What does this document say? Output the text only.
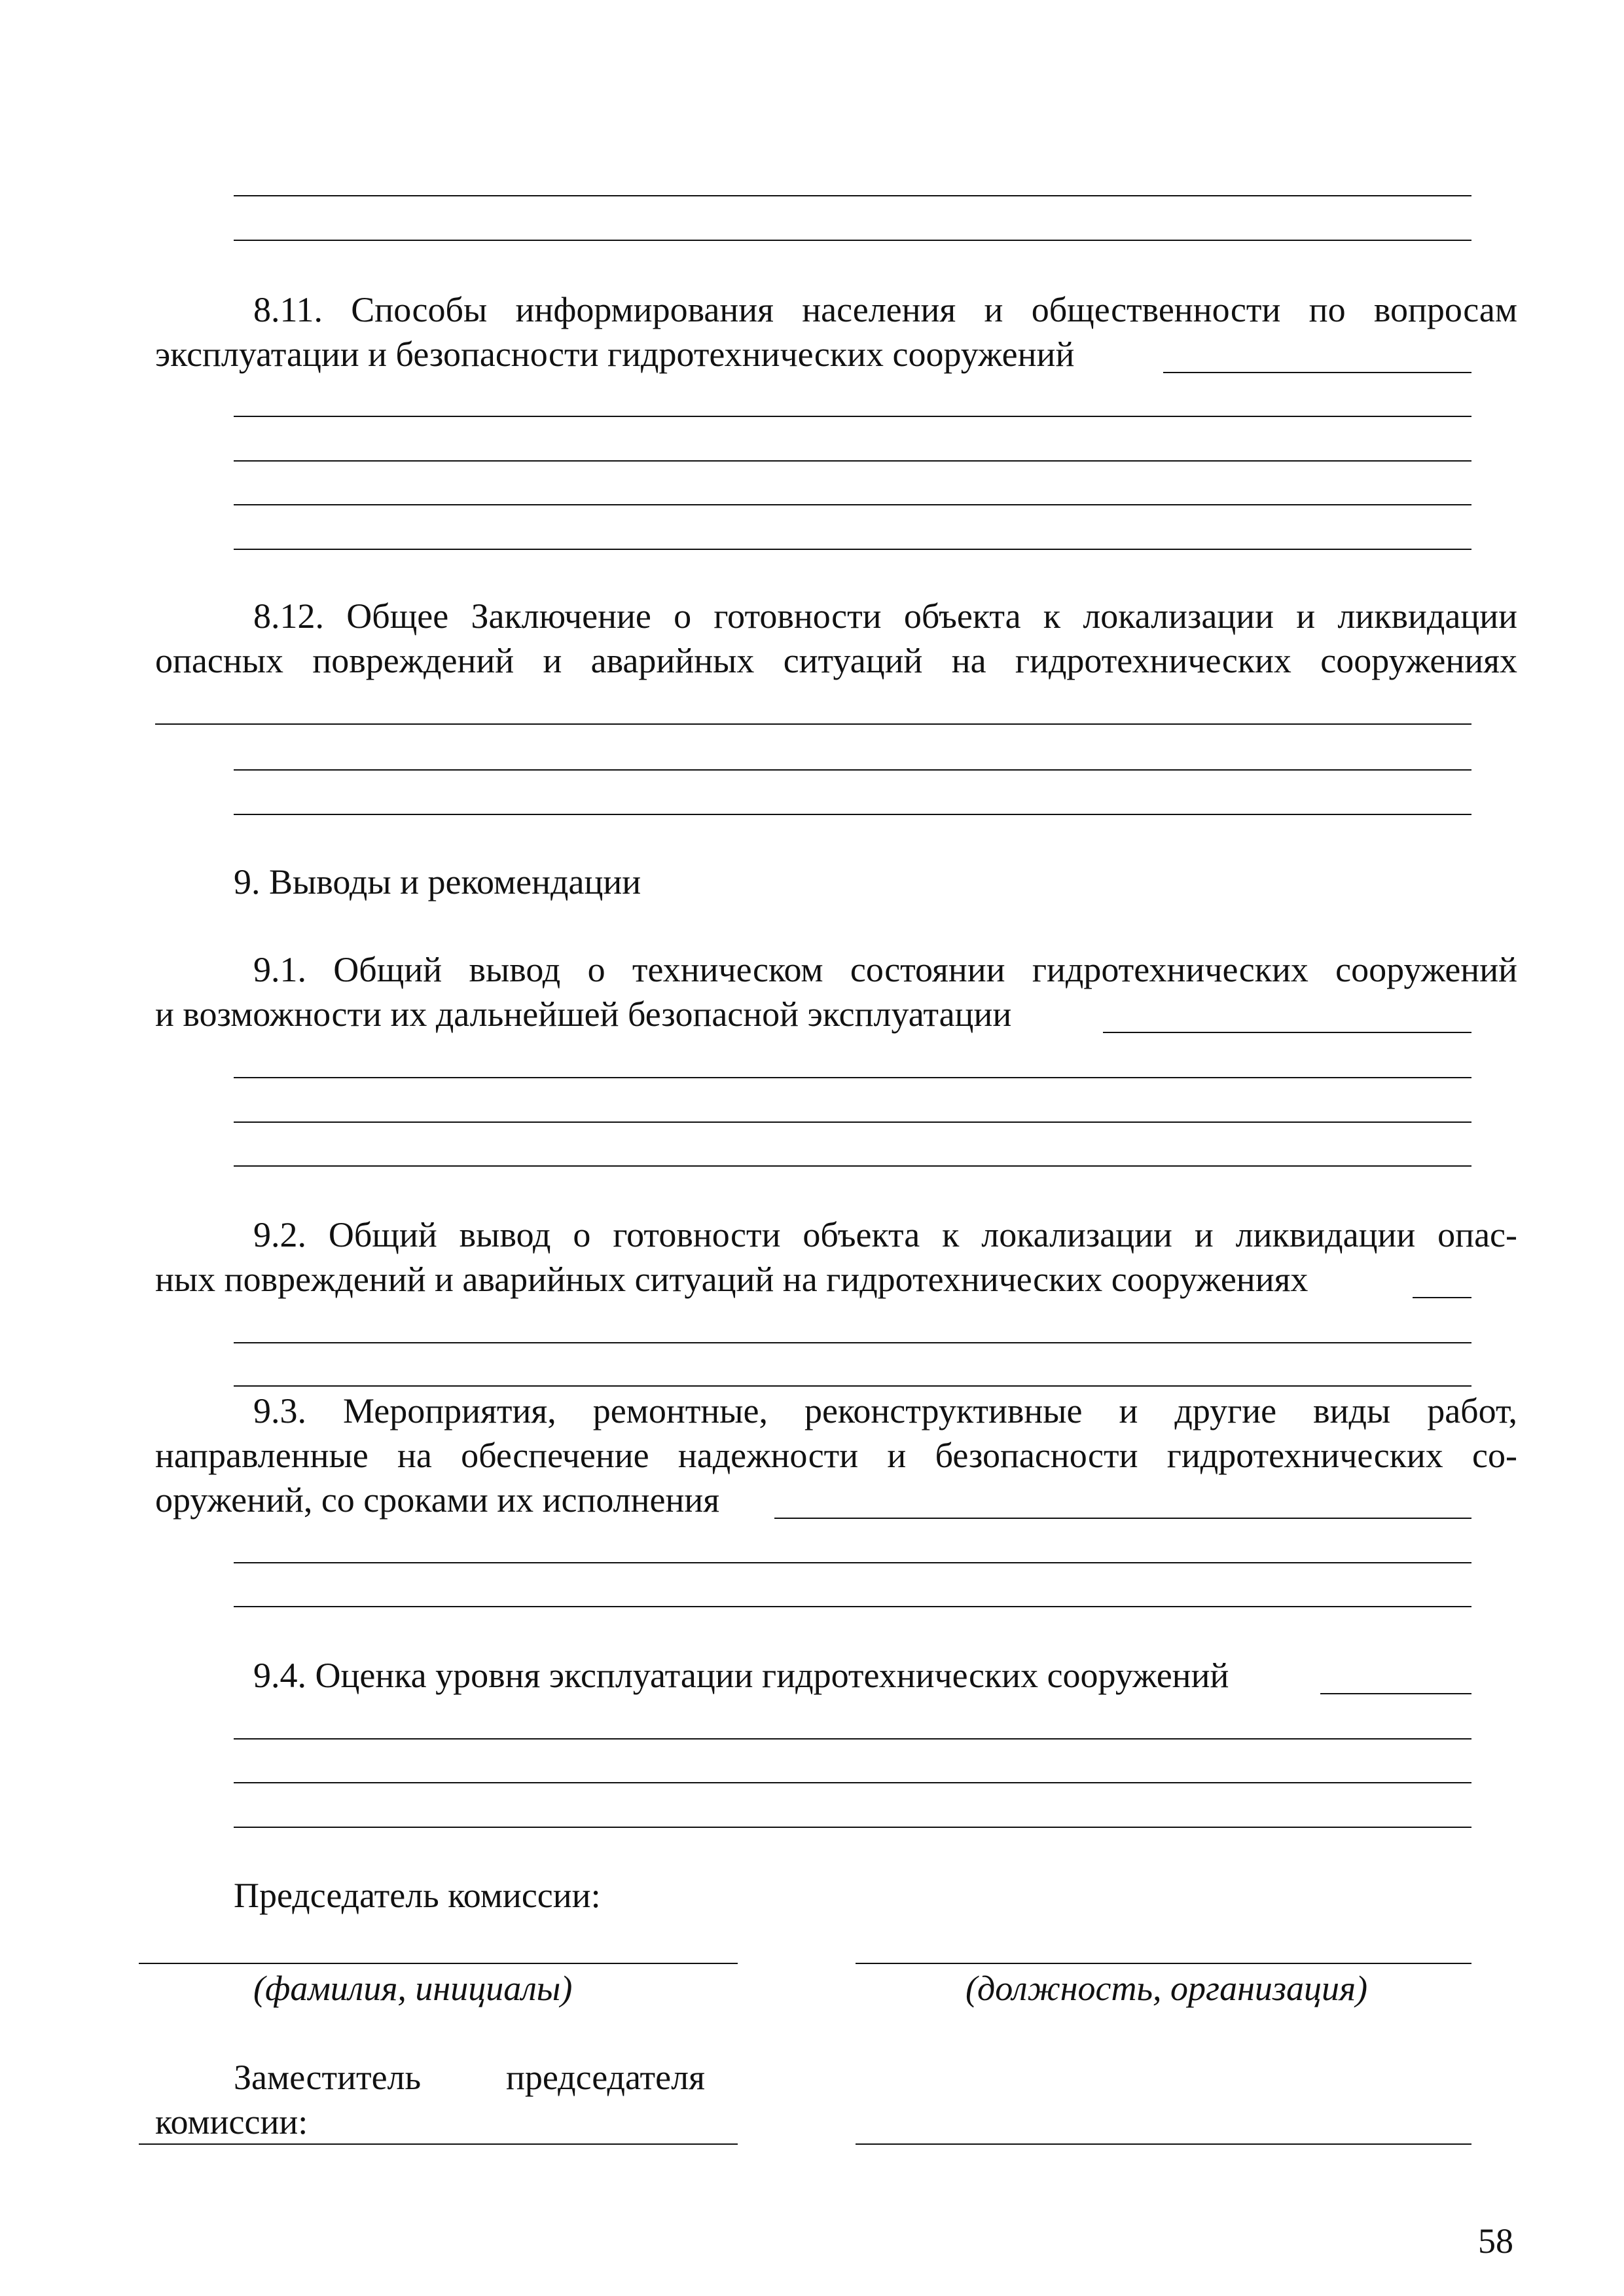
8.11. Способы информирования населения и общественности по вопросам
эксплуатации и безопасности гидротехнических сооружений
8.12. Общее Заключение о готовности объекта к локализации и ликвидации
опасных повреждений и аварийных ситуаций на гидротехнических сооружениях
9. Выводы и рекомендации
9.1. Общий вывод о техническом состоянии гидротехнических сооружений
и возможности их дальнейшей безопасной эксплуатации
9.2. Общий вывод о готовности объекта к локализации и ликвидации опас-
ных повреждений и аварийных ситуаций на гидротехнических сооружениях
9.3. Мероприятия, ремонтные, реконструктивные и другие виды работ,
направленные на обеспечение надежности и безопасности гидротехнических со-
оружений, со сроками их исполнения
9.4. Оценка уровня эксплуатации гидротехнических сооружений
Председатель комиссии:
(фамилия, инициалы)	(должность, организация)
Заместитель председателя
комиссии:
58
